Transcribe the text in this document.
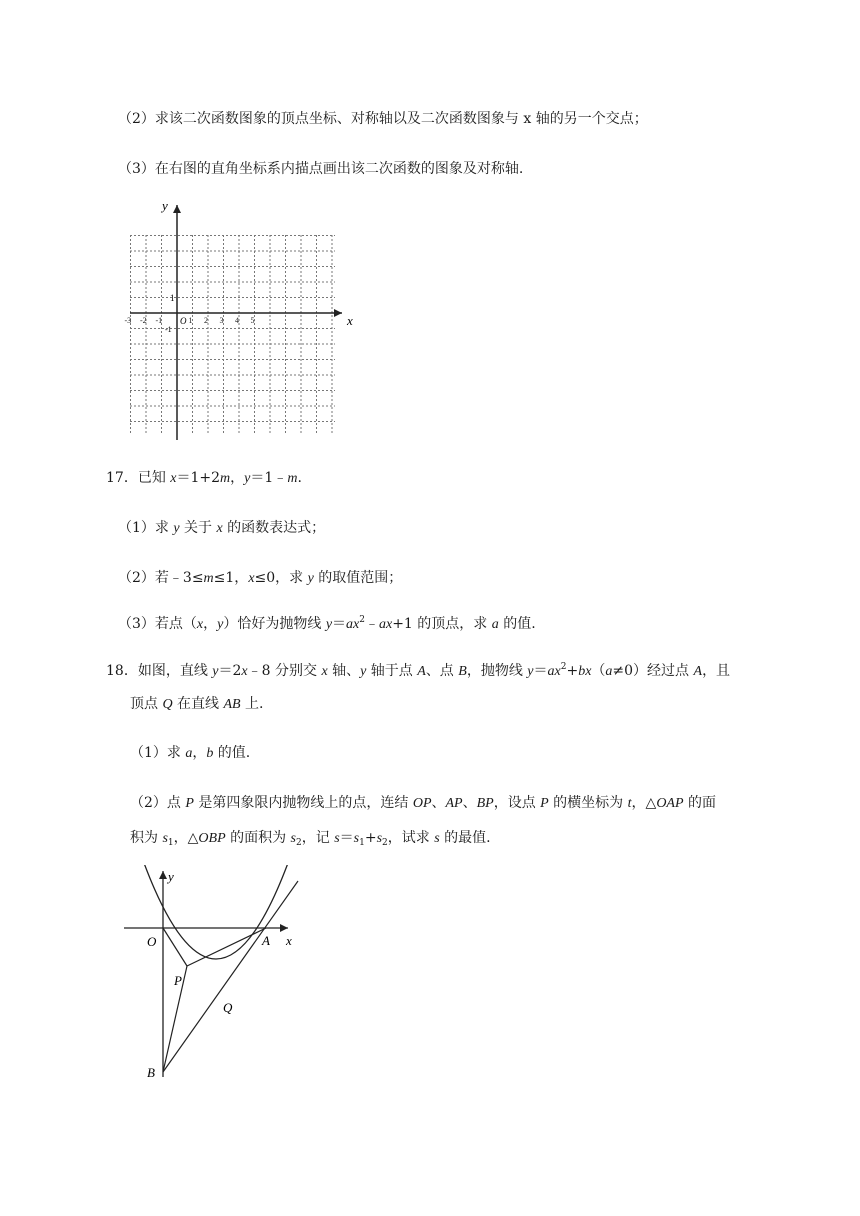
（2）求该二次函数图象的顶点坐标、对称轴以及二次函数图象与 x 轴的另一个交点；
（3）在右图的直角坐标系内描点画出该二次函数的图象及对称轴.
y
x
O
1
-1
-3 -2 -1	1 2 3 4 5
17．已知 x＝1+2m，y＝1﹣m.
（1）求 y 关于 x 的函数表达式；
（2）若﹣3≤m≤1，x≤0，求 y 的取值范围；
（3）若点（x，y）恰好为抛物线 $y=ax^2﹣ax+1$ 的顶点，求 a 的值.
18．如图，直线 y＝2x﹣8 分别交 x 轴、y 轴于点 A、点 B，抛物线 $y=ax^2+bx(a\ne 0)$经过点 A，且
顶点 Q 在直线 AB 上.
（1）求 a，b 的值.
（2）点 P 是第四象限内抛物线上的点，连结 OP、AP、BP，设点 P 的横坐标为 t，△OAP 的面
积为 $s_1$，△OBP 的面积为 $s_2$，记 $s=s_1+s_2$，试求 s 的最值.
y
x
O	A
P
Q
B
